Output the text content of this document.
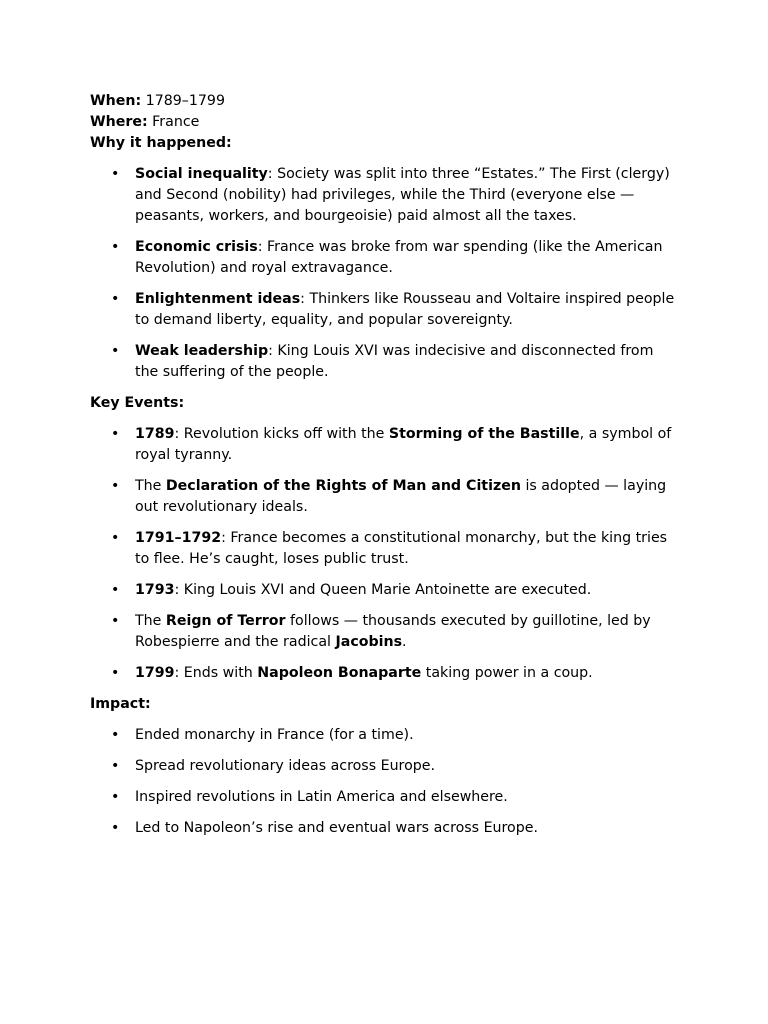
When: 1789–1799

Where: France

Why it happened:

• Social inequality: Society was split into three “Estates.” The First (clergy) and Second (nobility) had privileges, while the Third (everyone else — peasants, workers, and bourgeoisie) paid almost all the taxes.
• Economic crisis: France was broke from war spending (like the American Revolution) and royal extravagance.
• Enlightenment ideas: Thinkers like Rousseau and Voltaire inspired people to demand liberty, equality, and popular sovereignty.
• Weak leadership: King Louis XVI was indecisive and disconnected from the suffering of the people.

Key Events:

• 1789: Revolution kicks off with the Storming of the Bastille, a symbol of royal tyranny.
• The Declaration of the Rights of Man and Citizen is adopted — laying out revolutionary ideals.
• 1791–1792: France becomes a constitutional monarchy, but the king tries to flee. He’s caught, loses public trust.
• 1793: King Louis XVI and Queen Marie Antoinette are executed.
• The Reign of Terror follows — thousands executed by guillotine, led by Robespierre and the radical Jacobins.
• 1799: Ends with Napoleon Bonaparte taking power in a coup.

Impact:

• Ended monarchy in France (for a time).
• Spread revolutionary ideas across Europe.
• Inspired revolutions in Latin America and elsewhere.
• Led to Napoleon’s rise and eventual wars across Europe.
